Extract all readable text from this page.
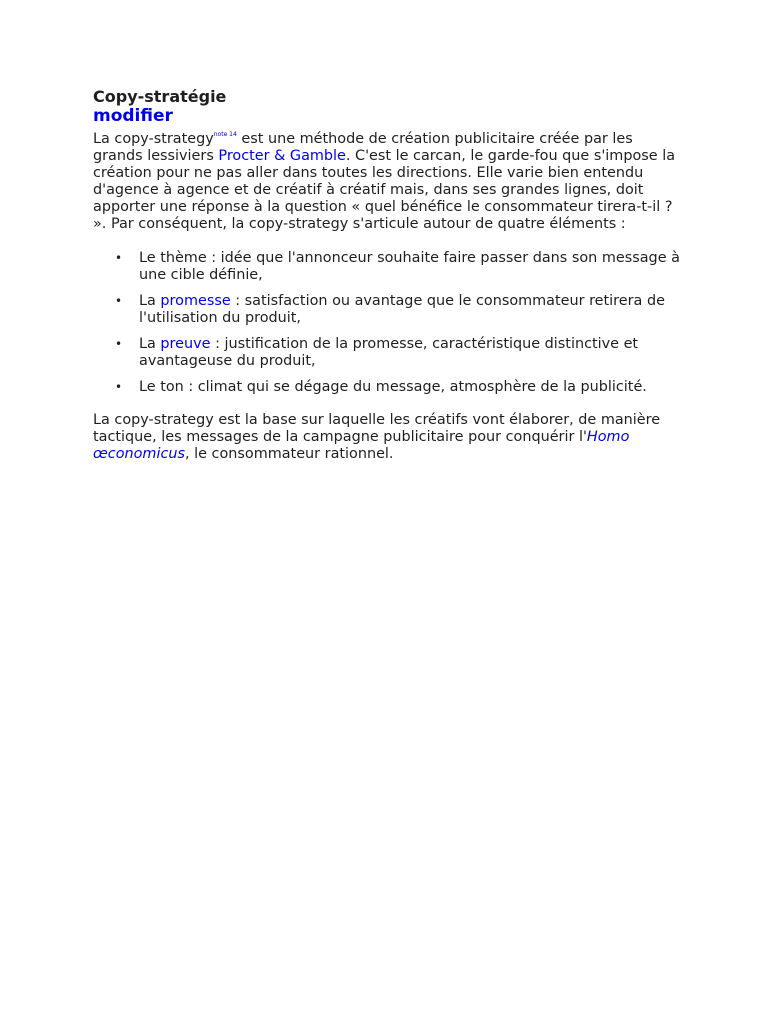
Copy-stratégie
modifier

La copy-strategy$^{note 14}$ est une méthode de création publicitaire créée par les grands lessiviers Procter & Gamble. C'est le carcan, le garde-fou que s'impose la création pour ne pas aller dans toutes les directions. Elle varie bien entendu d'agence à agence et de créatif à créatif mais, dans ses grandes lignes, doit apporter une réponse à la question « quel bénéfice le consommateur tirera-t-il ? ». Par conséquent, la copy-strategy s'articule autour de quatre éléments :

• Le thème : idée que l'annonceur souhaite faire passer dans son message à une cible définie,
• La promesse : satisfaction ou avantage que le consommateur retirera de l'utilisation du produit,
• La preuve : justification de la promesse, caractéristique distinctive et avantageuse du produit,
• Le ton : climat qui se dégage du message, atmosphère de la publicité.

La copy-strategy est la base sur laquelle les créatifs vont élaborer, de manière tactique, les messages de la campagne publicitaire pour conquérir l'Homo œconomicus, le consommateur rationnel.
